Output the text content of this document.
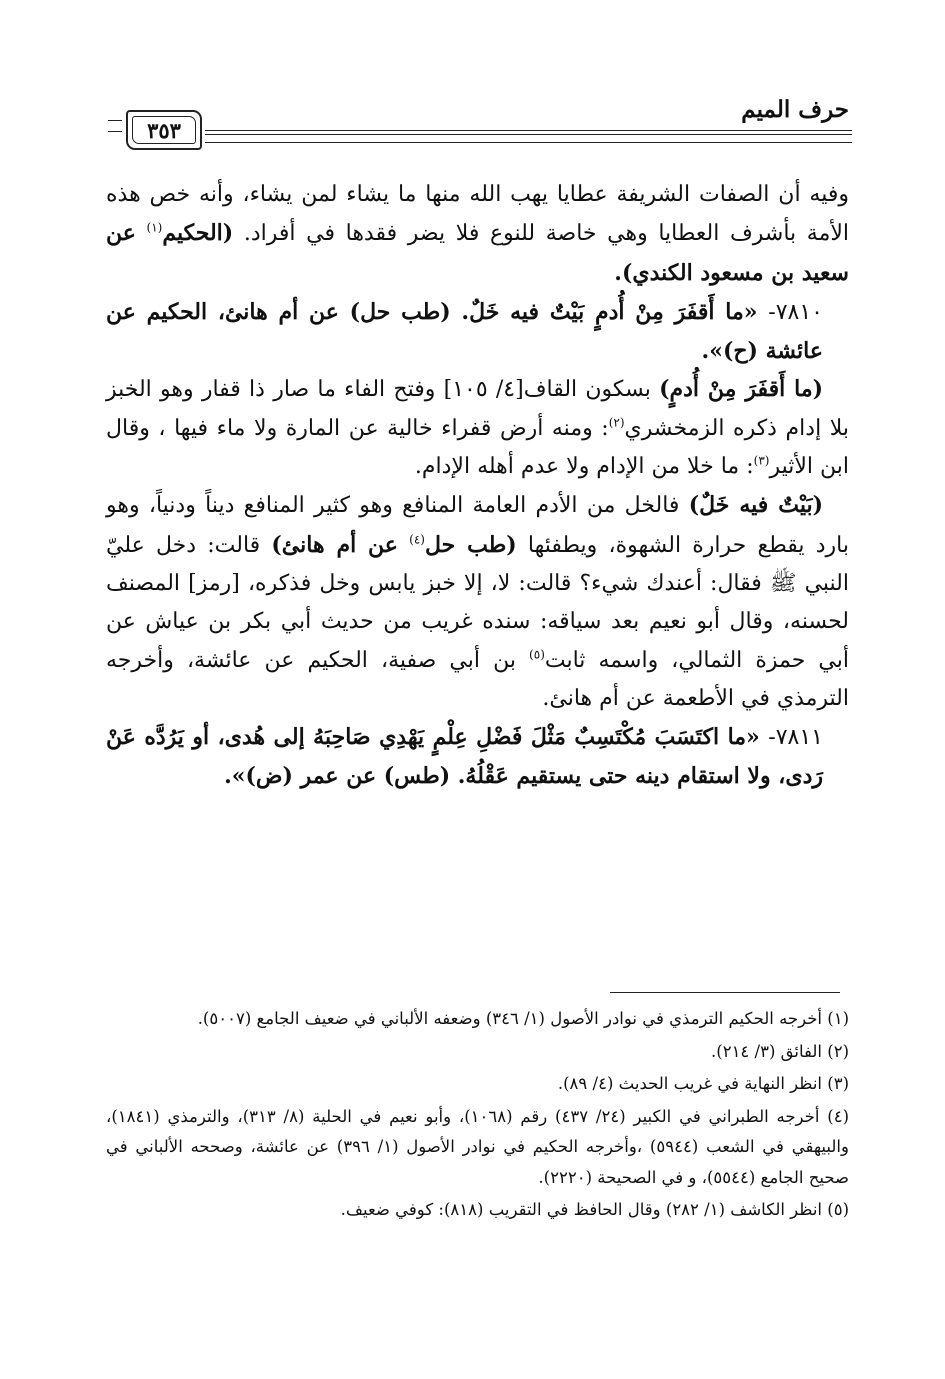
حرف الميم
٣٥٣

وفيه أن الصفات الشريفة عطايا يهب الله منها ما يشاء لمن يشاء، وأنه خص هذه الأمة بأشرف العطايا وهي خاصة للنوع فلا يضر فقدها في أفراد. (الحكيم$^{(١)}$ عن سعيد بن مسعود الكندي).

٧٨١٠- «ما أَقفَرَ مِنْ أُدمٍ بَيْتٌ فيه خَلٌ. (طب حل) عن أم هانئ، الحكيم عن عائشة (ح)».

(ما أَقفَرَ مِنْ أُدمٍ) بسكون القاف[٤/ ١٠٥] وفتح الفاء ما صار ذا قفار وهو الخبز بلا إدام ذكره الزمخشري$^{(٢)}$: ومنه أرض قفراء خالية عن المارة ولا ماء فيها ، وقال ابن الأثير$^{(٣)}$: ما خلا من الإدام ولا عدم أهله الإدام.

(بَيْتٌ فيه خَلٌ) فالخل من الأدم العامة المنافع وهو كثير المنافع ديناً ودنياً، وهو بارد يقطع حرارة الشهوة، ويطفئها (طب حل$^{(٤)}$ عن أم هانئ) قالت: دخل عليّ النبي ﷺ فقال: أعندك شيء؟ قالت: لا، إلا خبز يابس وخل فذكره، [رمز] المصنف لحسنه، وقال أبو نعيم بعد سياقه: سنده غريب من حديث أبي بكر بن عياش عن أبي حمزة الثمالي، واسمه ثابت$^{(٥)}$ بن أبي صفية، الحكيم عن عائشة، وأخرجه الترمذي في الأطعمة عن أم هانئ.

٧٨١١- «ما اكتَسَبَ مُكْتَسِبٌ مَثْلَ فَضْلِ عِلْمٍ يَهْدِي صَاحِبَهُ إلى هُدى، أو يَرُدَّه عَنْ رَدى، ولا استقام دينه حتى يستقيم عَقْلُهُ. (طس) عن عمر (ض)».

(١) أخرجه الحكيم الترمذي في نوادر الأصول (١/ ٣٤٦) وضعفه الألباني في ضعيف الجامع (٥٠٠٧).

(٢) الفائق (٣/ ٢١٤).

(٣) انظر النهاية في غريب الحديث (٤/ ٨٩).

(٤) أخرجه الطبراني في الكبير (٢٤/ ٤٣٧) رقم (١٠٦٨)، وأبو نعيم في الحلية (٨/ ٣١٣)، والترمذي (١٨٤١)، والبيهقي في الشعب (٥٩٤٤) ،وأخرجه الحكيم في نوادر الأصول (١/ ٣٩٦) عن عائشة، وصححه الألباني في صحيح الجامع (٥٥٤٤)، و في الصحيحة (٢٢٢٠).

(٥) انظر الكاشف (١/ ٢٨٢) وقال الحافظ في التقريب (٨١٨): كوفي ضعيف.
